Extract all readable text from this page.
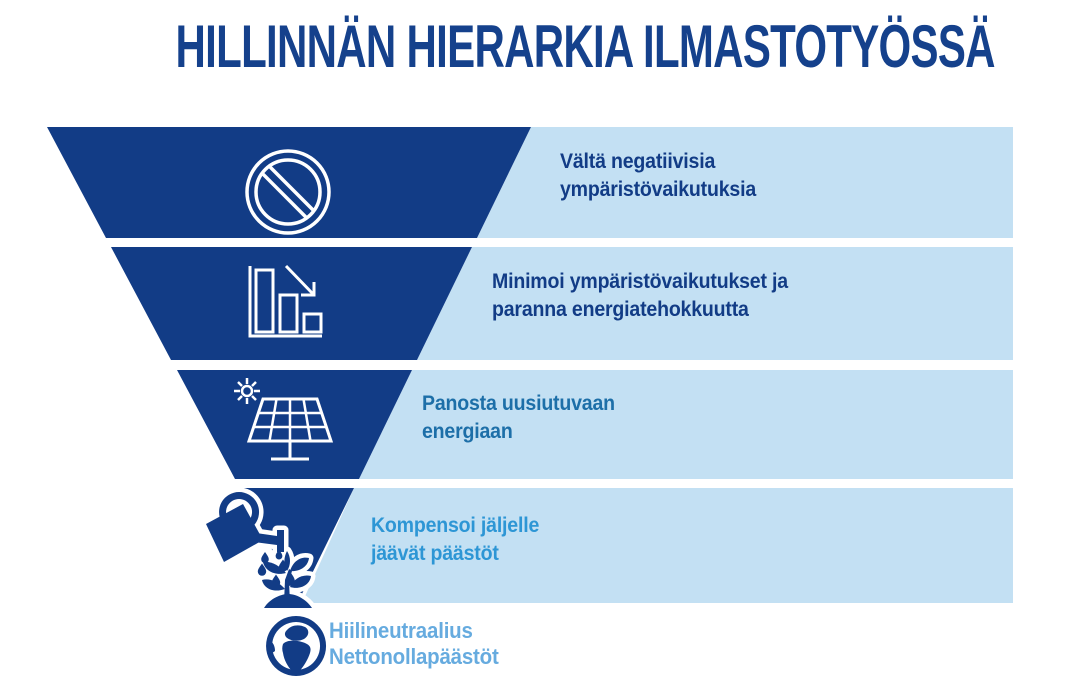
HILLINNÄN HIERARKIA ILMASTOTYÖSSÄ
Vältä negatiivisia
ympäristövaikutuksia
Minimoi ympäristövaikutukset ja
paranna energiatehokkuutta
Panosta uusiutuvaan
energiaan
Kompensoi jäljelle
jäävät päästöt
Hiilineutraalius
Nettonollapäästöt
